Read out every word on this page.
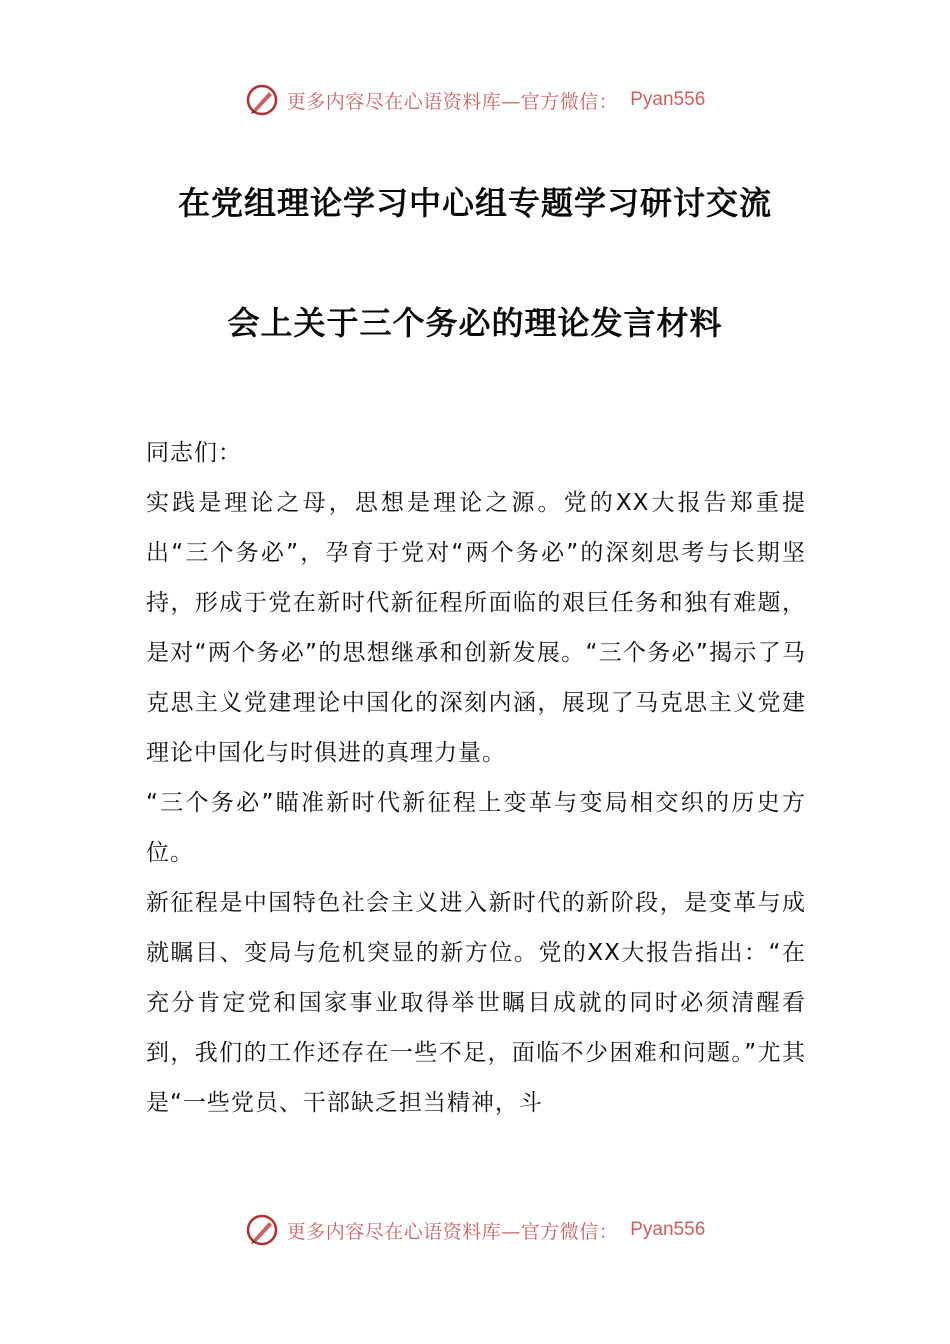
更多内容尽在心语资料库—官方微信： Pyan556
在党组理论学习中心组专题学习研讨交流
会上关于三个务必的理论发言材料

同志们：

实践是理论之母，思想是理论之源。党的XX大报告郑重提出“三个务必”，孕育于党对“两个务必”的深刻思考与长期坚持，形成于党在新时代新征程所面临的艰巨任务和独有难题，是对“两个务必”的思想继承和创新发展。“三个务必”揭示了马克思主义党建理论中国化的深刻内涵，展现了马克思主义党建理论中国化与时俱进的真理力量。

“三个务必”瞄准新时代新征程上变革与变局相交织的历史方位。

新征程是中国特色社会主义进入新时代的新阶段，是变革与成就瞩目、变局与危机突显的新方位。党的XX大报告指出：“在充分肯定党和国家事业取得举世瞩目成就的同时必须清醒看到，我们的工作还存在一些不足，面临不少困难和问题。”尤其是“一些党员、干部缺乏担当精神，斗

更多内容尽在心语资料库—官方微信： Pyan556
